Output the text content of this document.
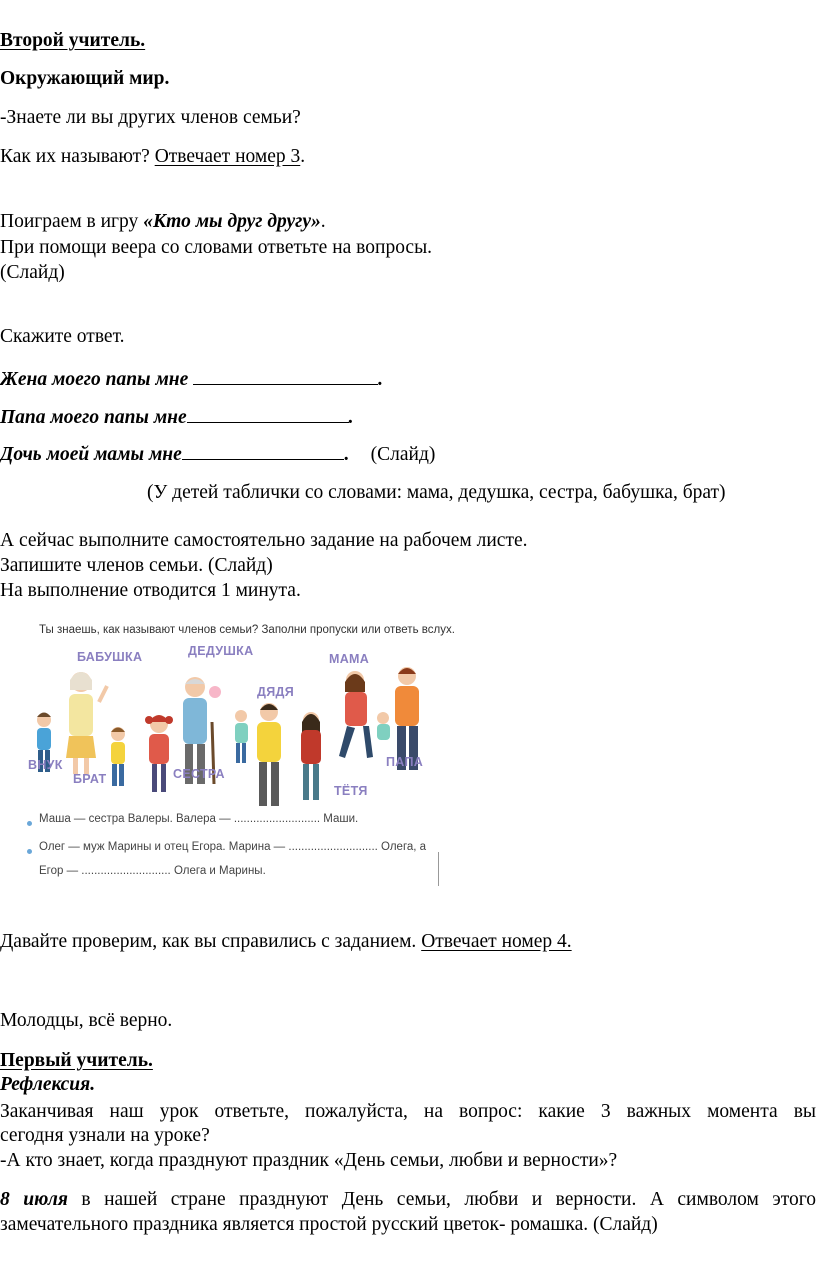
Второй учитель.
Окружающий мир.
-Знаете ли вы других членов семьи?
Как их называют? Отвечает номер 3.
Поиграем в игру «Кто мы друг другу».
При помощи веера со словами ответьте на вопросы.
(Слайд)
Скажите ответ.
Жена моего папы мне	.
Папа моего папы мне	.
Дочь моей мамы мне	. (Слайд)
(У детей таблички со словами: мама, дедушка, сестра, бабушка, брат)
А сейчас выполните самостоятельно задание на рабочем листе.
Запишите членов семьи. (Слайд)
На выполнение отводится 1 минута.
Ты знаешь, как называют членов семьи? Заполни пропуски или ответь вслух.
БАБУШКА	ДЕДУШКА
МАМА
ДЯДЯ
ВНУК
БРАТ	СЕСТРА
ПАПА
ТЁТЯ
Маша — сестра Валеры. Валера — ........................... Маши.
Олег — муж Марины и отец Егора. Марина — ............................ Олега, а
Егор — ............................ Олега и Марины.
Давайте проверим, как вы справились с заданием. Отвечает номер 4.
Молодцы, всё верно.
Первый учитель.
Рефлексия.
Заканчивая наш урок ответьте, пожалуйста, на вопрос: какие 3 важных момента вы
сегодня узнали на уроке?
-А кто знает, когда празднуют праздник «День семьи, любви и верности»?
8 июля в нашей стране празднуют День семьи, любви и верности. А символом этого
замечательного праздника является простой русский цветок- ромашка. (Слайд)
